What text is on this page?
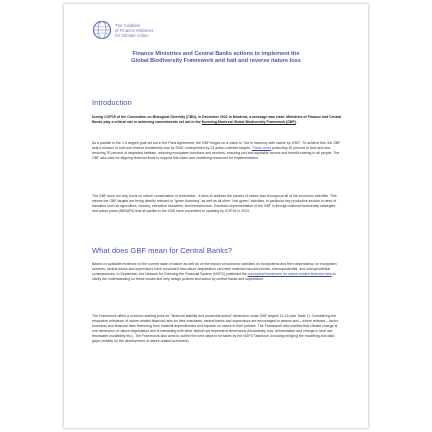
The Coalition
of Finance Ministers
for Climate Action
Finance Ministries and Central Banks actions to implement the
Global Biodiversity Framework and halt and reverse nature loss
Introduction

During COP15 of the Convention on Biological Diversity (CBD), in December 2022 in Montreal, a message was clear: Ministries of Finance and Central Banks play a critical role in achieving commitments set out in the Kunming-Montreal Global Biodiversity Framework (GBF).

As a parallel to the 1.5 degree goal set out in the Paris Agreement, the GBF hinges on a vision to "live in harmony with nature by 2050". To achieve this, the GBF sets a mission to halt and reverse biodiversity loss by 2030, underpinned by 23 action-oriented targets. These cover protecting 30 percent of land and sea, restoring 30 percent of degraded habitats, restoring ecosystem functions and services, ensuring just and equitable access and benefit-sharing to all people. The GBF also calls for aligning financial flows to support this vision and mobilizing resources for implementation.

The GBF does not only focus on nature conservation or restoration - it aims to address the causes of nature loss throughout all of the economic activities. This means the GBF targets are being directly relevant to "green financing" as well as all other "non-green" activities, in particular key productive sectors in need of transition such as agriculture, forestry, extractive industries, and infrastructure. Domestic implementation of the GBF is through national biodiversity strategies and action plans (NBSAPs) that all parties to the CBD have committed to updating by COP16 in 2024.

What does GBF mean for Central Banks?

Based on available evidence on the current state of nature as well as on the impact of economic activities on ecosystems and their dependency on ecosystem services, central banks and supervisors have concluded that nature degradation can have material macroeconomic, macroprudential, and microprudential consequences. In September, the Network for Greening the Financial System (NGFS) published the conceptual framework for nature-related financial risks to clarify the understanding on these issues and help design policies and action by central banks and supervisors.

The Framework offers a common starting point for "financial stability and prudential action" dimension under GBF targets 14-15 (see Table 1). Considering the respective relevance of nature-related financial risks for their mandates, central banks and supervisors are encouraged to assess and – where relevant – factor economic and financial risks stemming from material dependencies and impacts on nature in their policies. The Framework also clarifies that climate change is one dimension of nature degradation and is interacting with other distinct yet dependent dimensions (biodiversity loss, deforestation and change in land use, freshwater availability etc.). The Framework also aims to outline the next steps to be taken by the NGFS Taskforce, including bridging the modelling and data gaps (notably on the development of nature-related scenarios).
